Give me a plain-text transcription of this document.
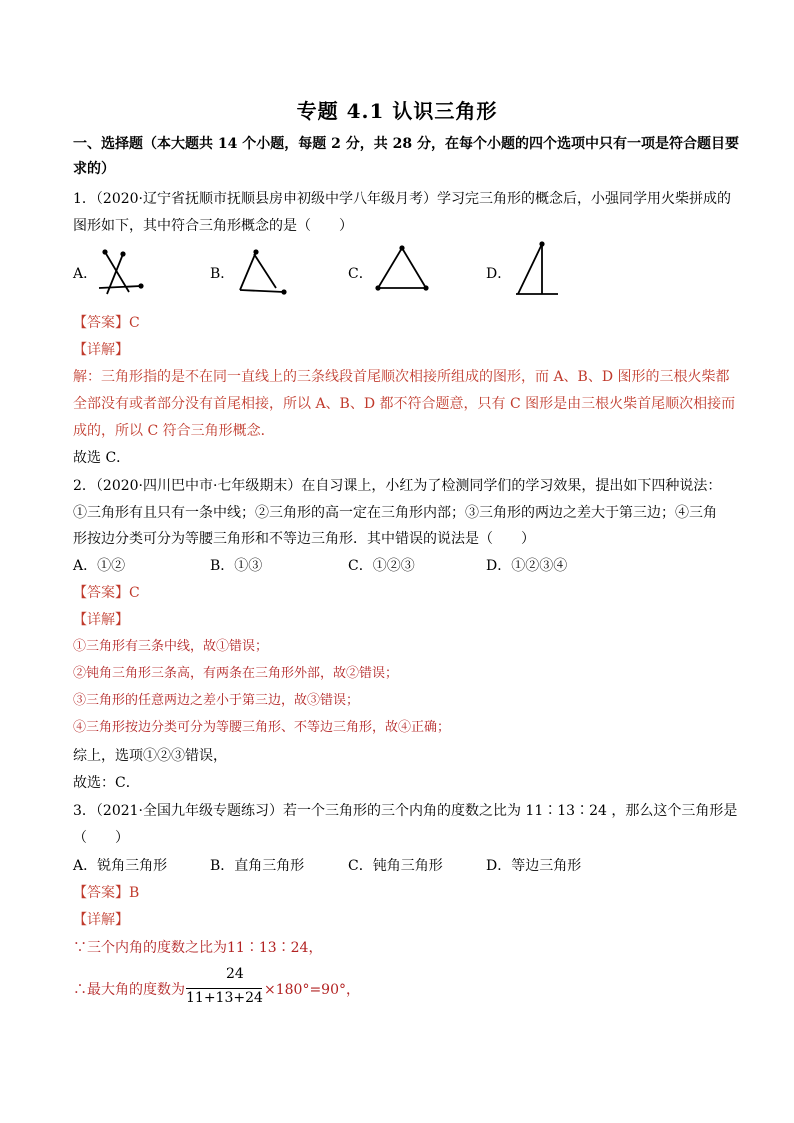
专题 4.1 认识三角形
一、选择题（本大题共 14 个小题，每题 2 分，共 28 分，在每个小题的四个选项中只有一项是符合题目要
求的）
1．（2020·辽宁省抚顺市抚顺县房申初级中学八年级月考）学习完三角形的概念后，小强同学用火柴拼成的
图形如下，其中符合三角形概念的是（　　）
A．	B．	C．	D．
【答案】C
【详解】
解：三角形指的是不在同一直线上的三条线段首尾顺次相接所组成的图形，而 A、B、D 图形的三根火柴都
全部没有或者部分没有首尾相接，所以 A、B、D 都不符合题意，只有 C 图形是由三根火柴首尾顺次相接而
成的，所以 C 符合三角形概念．
故选 C．
2．（2020·四川巴中市·七年级期末）在自习课上，小红为了检测同学们的学习效果，提出如下四种说法：
①三角形有且只有一条中线；②三角形的高一定在三角形内部；③三角形的两边之差大于第三边；④三角
形按边分类可分为等腰三角形和不等边三角形．其中错误的说法是（　　）
A．①②	B．①③	C．①②③	D．①②③④
【答案】C
【详解】
①三角形有三条中线，故①错误；
②钝角三角形三条高，有两条在三角形外部，故②错误；
③三角形的任意两边之差小于第三边，故③错误；
④三角形按边分类可分为等腰三角形、不等边三角形，故④正确；
综上，选项①②③错误，
故选：C．
3．（2021·全国九年级专题练习）若一个三角形的三个内角的度数之比为 11∶13∶24 ，那么这个三角形是
（　　）
A．锐角三角形	B．直角三角形	C．钝角三角形	D．等边三角形
【答案】B
【详解】
∵三个内角的度数之比为11∶13∶24，
∴最大角的度数为
24
11+13+24 ×180°=90°，
